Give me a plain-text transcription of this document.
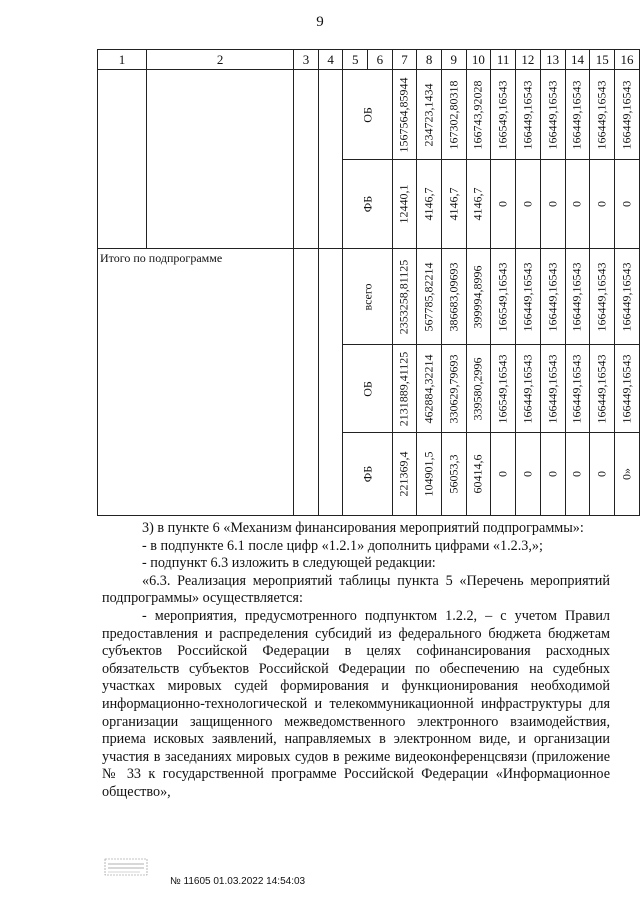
9
1	2	3	4	5	6	7	8	9	10	11	12	13	14	15	16

				ОБ		1567564,85944	234723,1434	167302,80318	166743,92028	166549,16543	166449,16543	166449,16543	166449,16543	166449,16543	166449,16543

				ФБ		12440,1	4146,7	4146,7	4146,7	0	0	0	0	0	0

Итого по подпрограмме				всего		2353258,81125	567785,82214	386683,09693	399994,8996	166549,16543	166449,16543	166449,16543	166449,16543	166449,16543	166449,16543

				ОБ		2131889,41125	462884,32214	330629,79693	339580,2996	166549,16543	166449,16543	166449,16543	166449,16543	166449,16543	166449,16543

				ФБ		221369,4	104901,5	56053,3	60414,6	0	0	0	0	0	0»

3) в пункте 6 «Механизм финансирования мероприятий подпрограммы»:

- в подпункте 6.1 после цифр «1.2.1» дополнить цифрами «1.2.3,»;

- подпункт 6.3 изложить в следующей редакции:

«6.3. Реализация мероприятий таблицы пункта 5 «Перечень мероприятий подпрограммы» осуществляется:

- мероприятия, предусмотренного подпунктом 1.2.2, – с учетом Правил предоставления и распределения субсидий из федерального бюджета бюджетам субъектов Российской Федерации в целях софинансирования расходных обязательств субъектов Российской Федерации по обеспечению на судебных участках мировых судей формирования и функционирования необходимой информационно-технологической и телекоммуникационной инфраструктуры для организации защищенного межведомственного электронного взаимодействия, приема исковых заявлений, направляемых в электронном виде, и организации участия в заседаниях мировых судов в режиме видеоконференцсвязи (приложение № 33 к государственной программе Российской Федерации «Информационное общество»,

№ 11605 01.03.2022 14:54:03
